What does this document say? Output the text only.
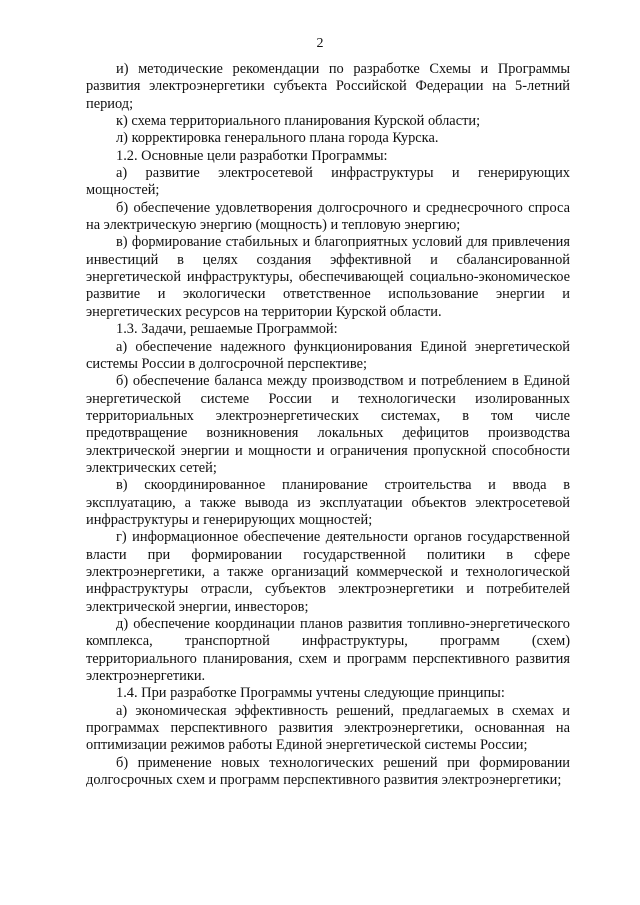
2

и) методические рекомендации по разработке Схемы и Программы развития электроэнергетики субъекта Российской Федерации на 5-летний период;

к) схема территориального планирования Курской области;

л) корректировка генерального плана города Курска.

1.2. Основные цели разработки Программы:

а) развитие электросетевой инфраструктуры и генерирующих мощностей;

б) обеспечение удовлетворения долгосрочного и среднесрочного спроса на электрическую энергию (мощность) и тепловую энергию;

в) формирование стабильных и благоприятных условий для привлечения инвестиций в целях создания эффективной и сбалансированной энергетической инфраструктуры, обеспечивающей социально-экономическое развитие и экологически ответственное использование энергии и энергетических ресурсов на территории Курской области.

1.3. Задачи, решаемые Программой:

а) обеспечение надежного функционирования Единой энергетической системы России в долгосрочной перспективе;

б) обеспечение баланса между производством и потреблением в Единой энергетической системе России и технологически изолированных территориальных электроэнергетических системах, в том числе предотвращение возникновения локальных дефицитов производства электрической энергии и мощности и ограничения пропускной способности электрических сетей;

в) скоординированное планирование строительства и ввода в эксплуатацию, а также вывода из эксплуатации объектов электросетевой инфраструктуры и генерирующих мощностей;

г) информационное обеспечение деятельности органов государственной власти при формировании государственной политики в сфере электроэнергетики, а также организаций коммерческой и технологической инфраструктуры отрасли, субъектов электроэнергетики и потребителей электрической энергии, инвесторов;

д) обеспечение координации планов развития топливно-энергетического комплекса, транспортной инфраструктуры, программ (схем) территориального планирования, схем и программ перспективного развития электроэнергетики.

1.4. При разработке Программы учтены следующие принципы:

а) экономическая эффективность решений, предлагаемых в схемах и программах перспективного развития электроэнергетики, основанная на оптимизации режимов работы Единой энергетической системы России;

б) применение новых технологических решений при формировании долгосрочных схем и программ перспективного развития электроэнергетики;
